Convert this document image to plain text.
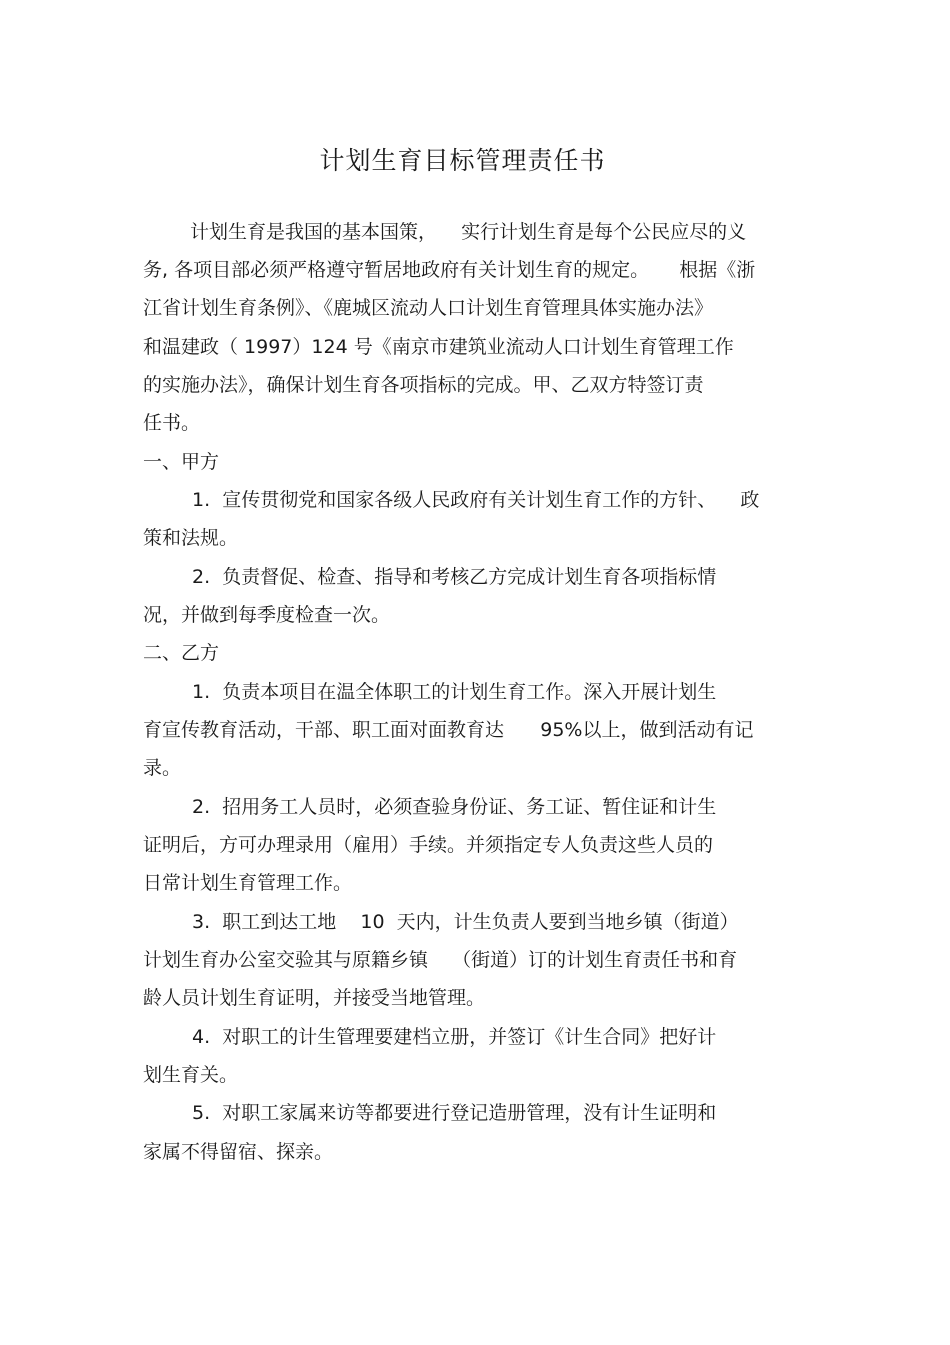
计划生育目标管理责任书
计划生育是我国的基本国策，    实行计划生育是每个公民应尽的义
务, 各项目部必须严格遵守暂居地政府有关计划生育的规定。     根据《浙
江省计划生育条例》、《鹿城区流动人口计划生育管理具体实施办法》
和温建政（ 1997）124 号《南京市建筑业流动人口计划生育管理工作
的实施办法》，确保计划生育各项指标的完成。甲、乙双方特签订责
任书。
一、甲方
1.  宣传贯彻党和国家各级人民政府有关计划生育工作的方针、    政
策和法规。
2.  负责督促、检查、指导和考核乙方完成计划生育各项指标情
况，并做到每季度检查一次。
二、乙方
1.  负责本项目在温全体职工的计划生育工作。深入开展计划生
育宣传教育活动，干部、职工面对面教育达      95%以上，做到活动有记
录。
2.  招用务工人员时，必须查验身份证、务工证、暂住证和计生
证明后，方可办理录用（雇用）手续。并须指定专人负责这些人员的
日常计划生育管理工作。
3.  职工到达工地    10  天内，计生负责人要到当地乡镇（街道）
计划生育办公室交验其与原籍乡镇    （街道）订的计划生育责任书和育
龄人员计划生育证明，并接受当地管理。
4.  对职工的计生管理要建档立册，并签订《计生合同》把好计
划生育关。
5.  对职工家属来访等都要进行登记造册管理，没有计生证明和
家属不得留宿、探亲。
